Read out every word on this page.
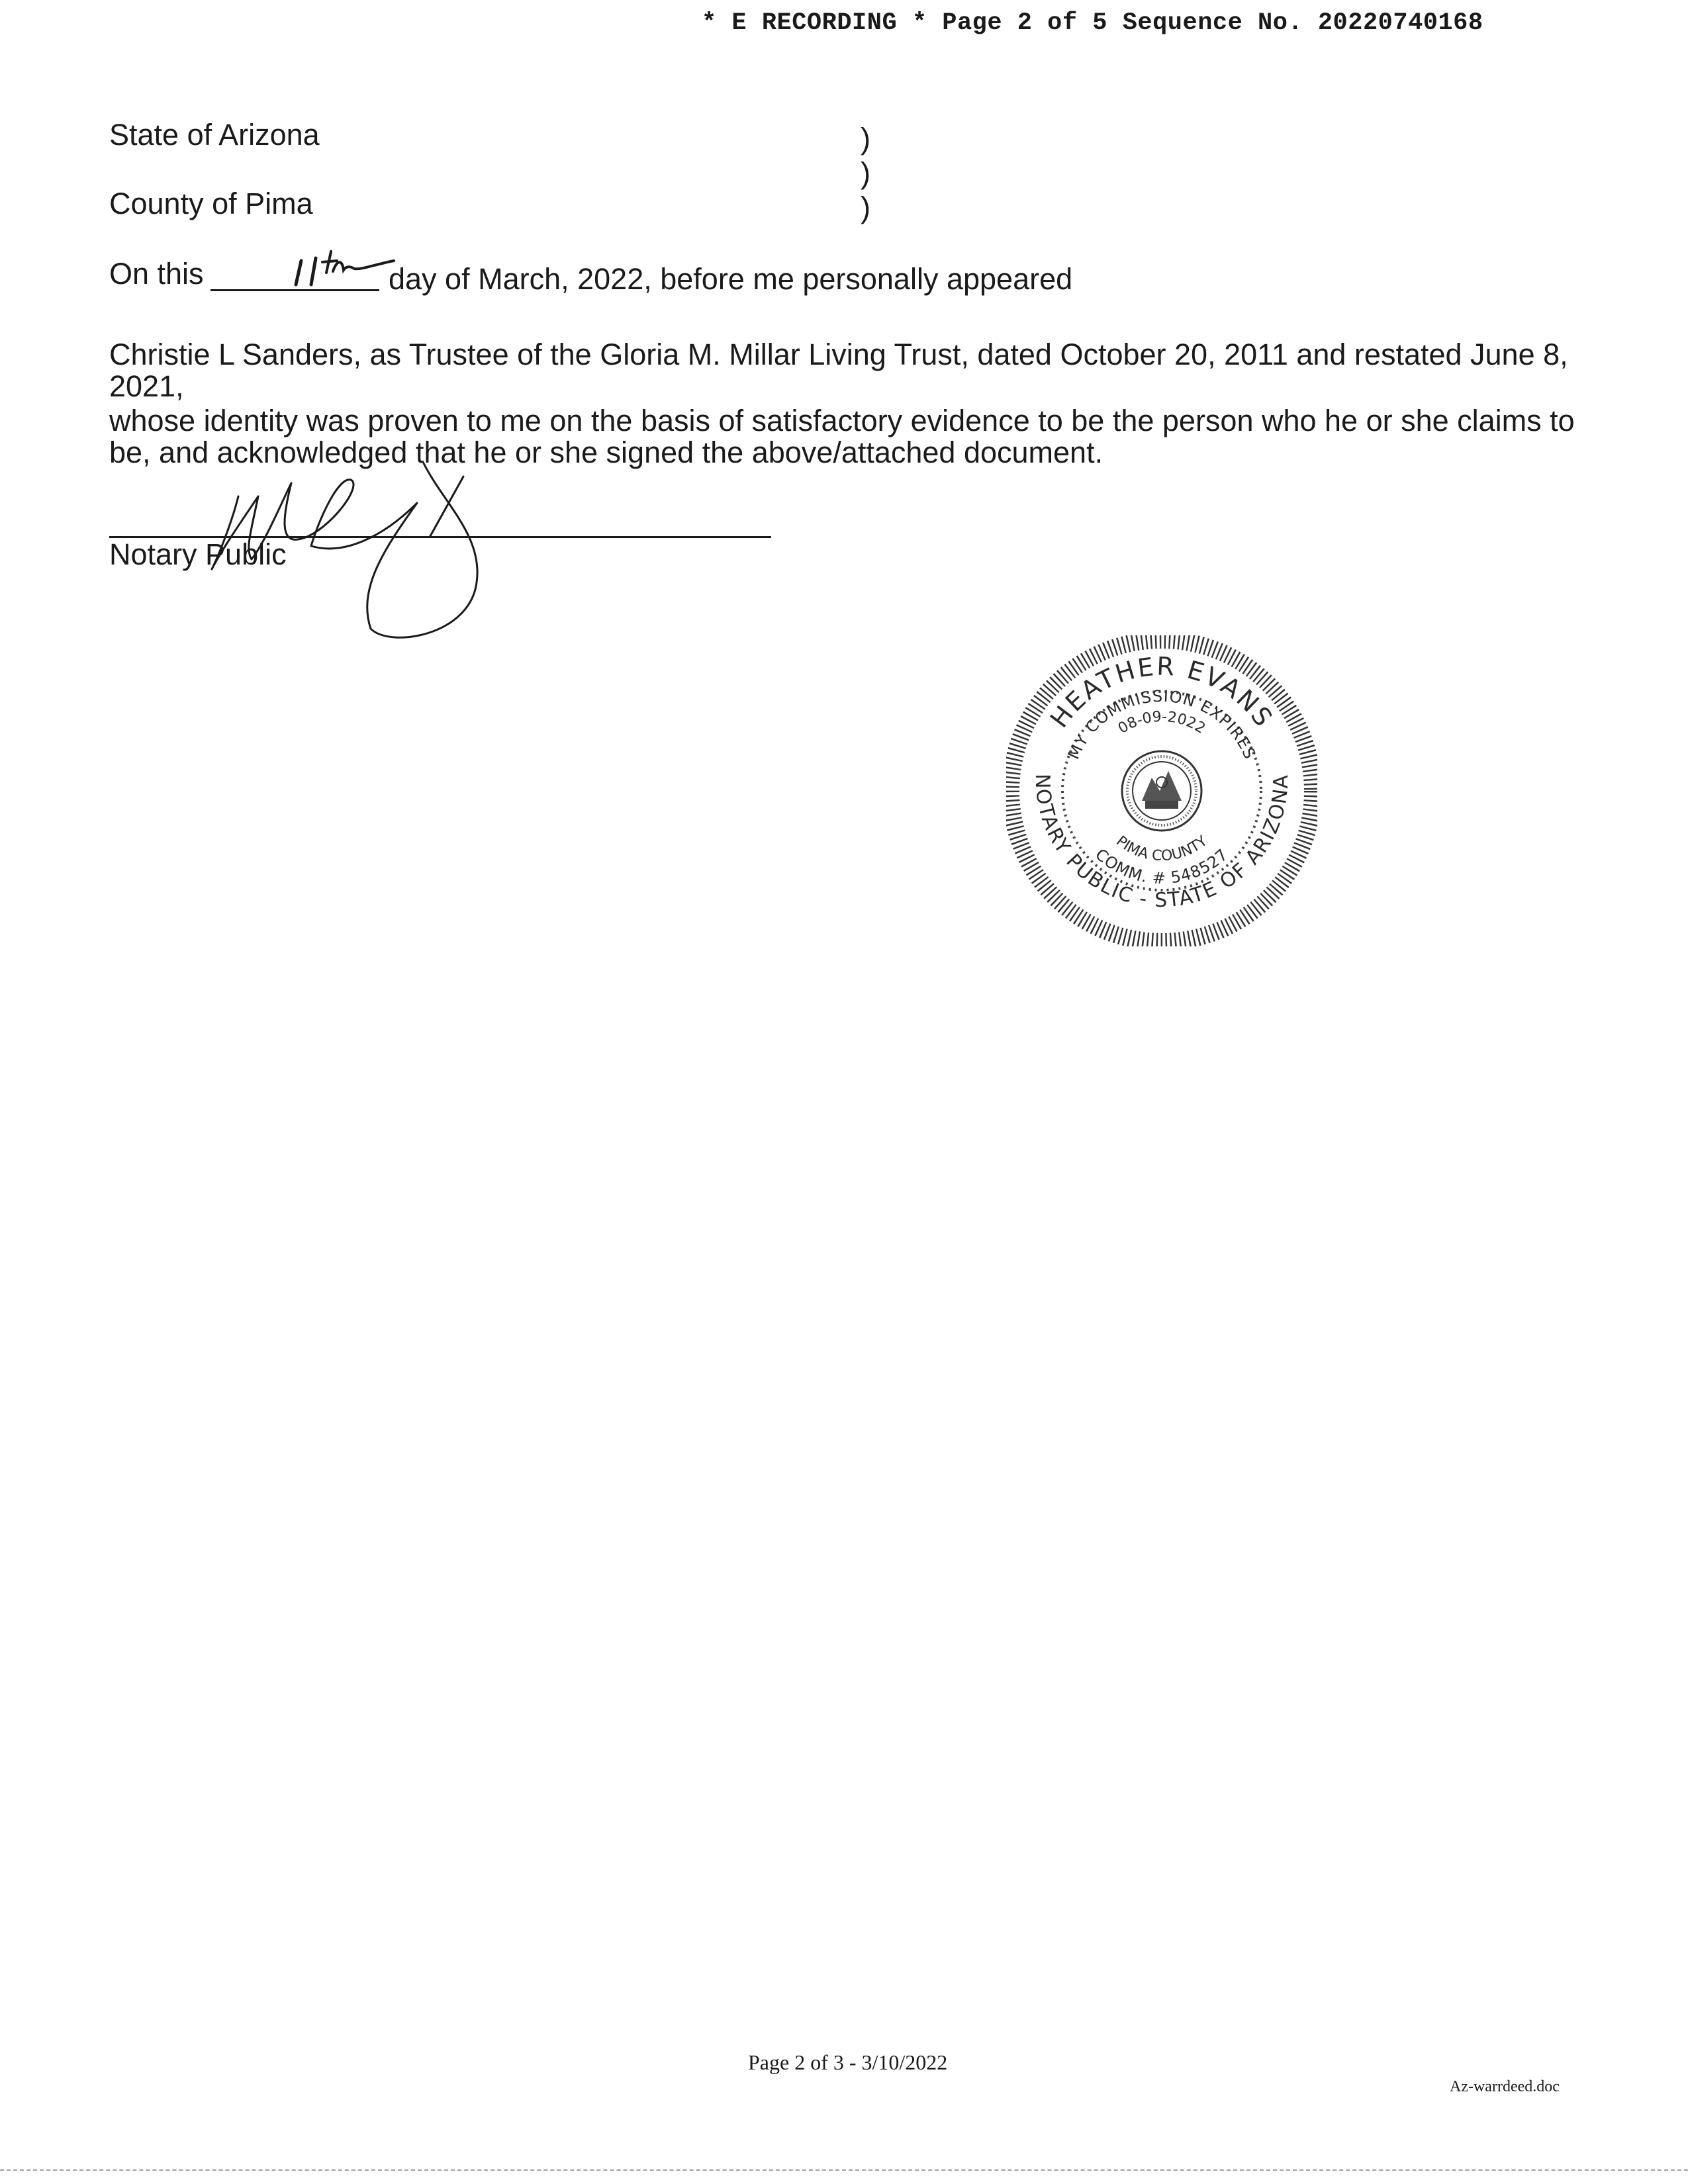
* E RECORDING * Page 2 of 5 Sequence No. 20220740168
State of Arizona
County of Pima
)
)
)
On this	day of March, 2022, before me personally appeared
Christie L Sanders, as Trustee of the Gloria M. Millar Living Trust, dated October 20, 2011 and restated June 8, 2021,
whose identity was proven to me on the basis of satisfactory evidence to be the person who he or she claims to be, and acknowledged that he or she signed the above/attached document.
Notary Public
HEATHER EVANS
NOTARY PUBLIC - STATE OF ARIZONA
MY COMMISSION EXPIRES
COMM. # 548527
08-09-2022
PIMA COUNTY
Page 2 of 3 - 3/10/2022
Az-warrdeed.doc
